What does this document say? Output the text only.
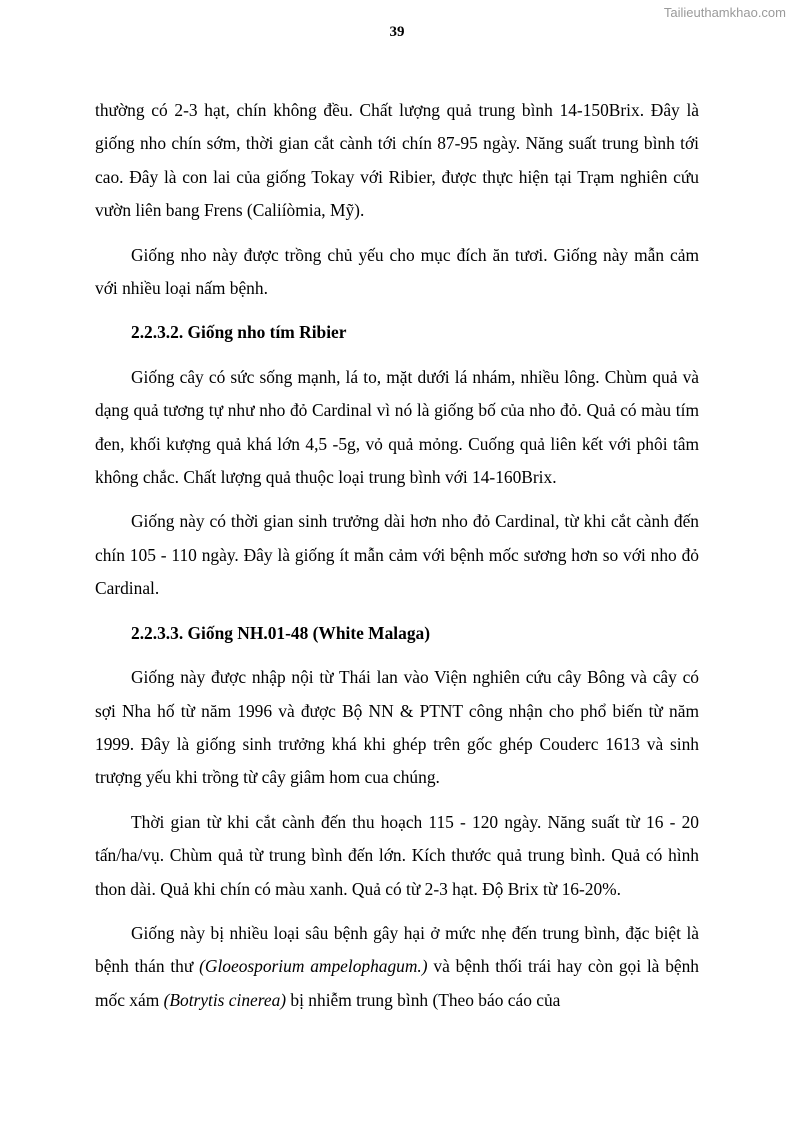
Tailieuthamkhao.com
39

thường có 2-3 hạt, chín không đều. Chất lượng quả trung bình 14-150Brix. Đây là giống nho chín sớm, thời gian cắt cành tới chín 87-95 ngày. Năng suất trung bình tới cao. Đây là con lai của giống Tokay với Ribier, được thực hiện tại Trạm nghiên cứu vườn liên bang Frens (Caliíòmia, Mỹ).

Giống nho này được trồng chủ yếu cho mục đích ăn tươi. Giống này mẫn cảm với nhiều loại nấm bệnh.

2.2.3.2. Giống nho tím Ribier

Giống cây có sức sống mạnh, lá to, mặt dưới lá nhám, nhiều lông. Chùm quả và dạng quả tương tự như nho đỏ Cardinal vì nó là giống bố của nho đỏ. Quả có màu tím đen, khối kượng quả khá lớn 4,5 -5g, vỏ quả mỏng. Cuống quả liên kết với phôi tâm không chắc. Chất lượng quả thuộc loại trung bình với 14-160Brix.

Giống này có thời gian sinh trưởng dài hơn nho đỏ Cardinal, từ khi cắt cành đến chín 105 - 110 ngày. Đây là giống ít mẫn cảm với bệnh mốc sương hơn so với nho đỏ Cardinal.

2.2.3.3. Giống NH.01-48 (White Malaga)

Giống này được nhập nội từ Thái lan vào Viện nghiên cứu cây Bông và cây có sợi Nha hố từ năm 1996 và được Bộ NN & PTNT công nhận cho phổ biến từ năm 1999. Đây là giống sinh trưởng khá khi ghép trên gốc ghép Couderc 1613 và sinh trượng yếu khi trồng từ cây giâm hom cua chúng.

Thời gian từ khi cắt cành đến thu hoạch 115 - 120 ngày. Năng suất từ 16 - 20 tấn/ha/vụ. Chùm quả từ trung bình đến lớn. Kích thước quả trung bình. Quả có hình thon dài. Quả khi chín có màu xanh. Quả có từ 2-3 hạt. Độ Brix từ 16-20%.

Giống này bị nhiều loại sâu bệnh gây hại ở mức nhẹ đến trung bình, đặc biệt là bệnh thán thư (Gloeosporium ampelophagum.) và bệnh thối trái hay còn gọi là bệnh mốc xám (Botrytis cinerea) bị nhiễm trung bình (Theo báo cáo của
